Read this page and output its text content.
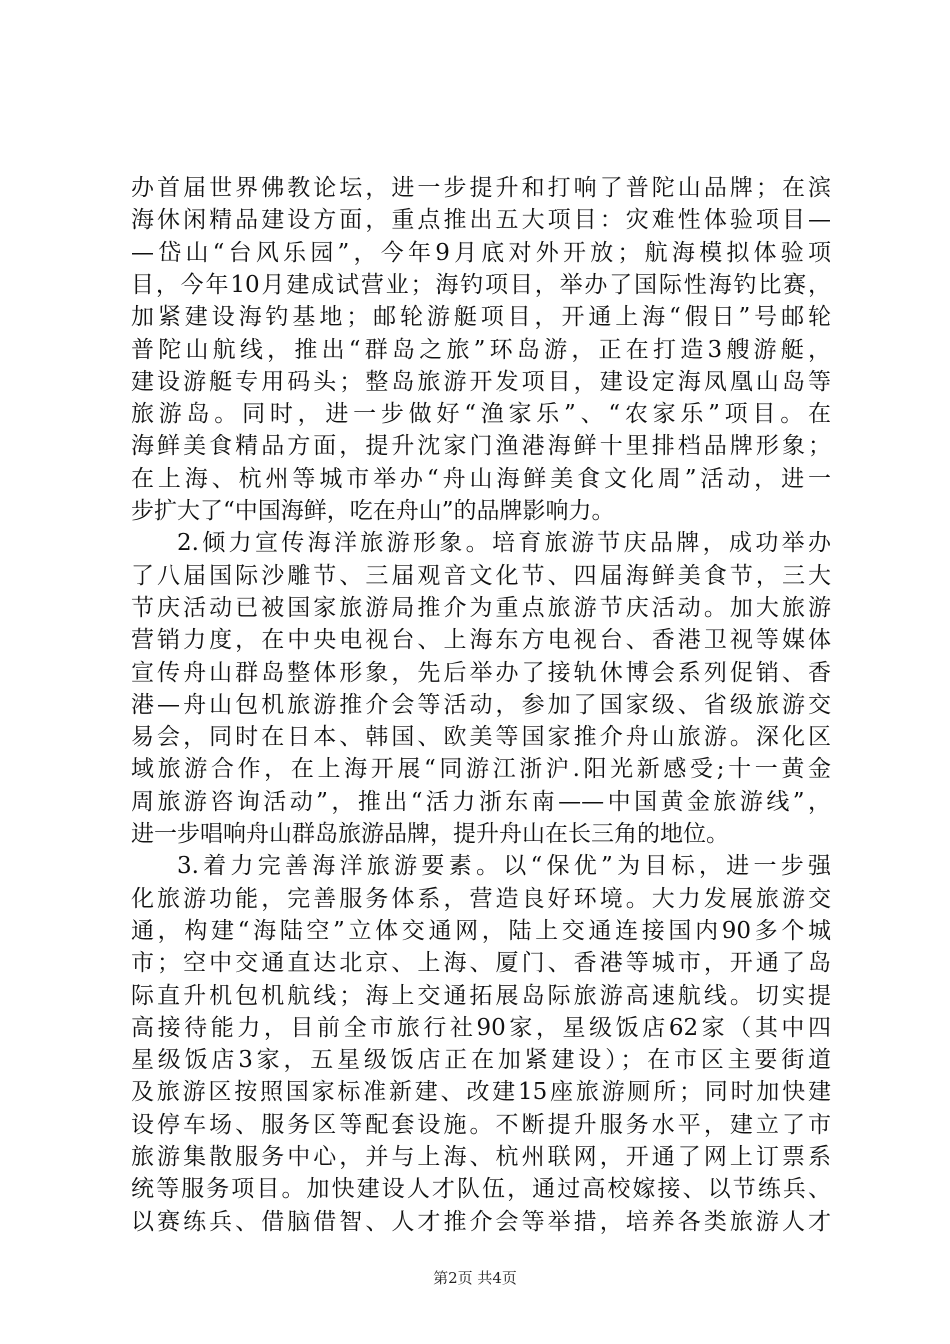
办首届世界佛教论坛，进一步提升和打响了普陀山品牌；在滨
海休闲精品建设方面，重点推出五大项目：灾难性体验项目—
—岱山“台风乐园”，今年9月底对外开放；航海模拟体验项
目，今年10月建成试营业；海钓项目，举办了国际性海钓比赛，
加紧建设海钓基地；邮轮游艇项目，开通上海“假日”号邮轮
普陀山航线，推出“群岛之旅”环岛游，正在打造3艘游艇，
建设游艇专用码头；整岛旅游开发项目，建设定海凤凰山岛等
旅游岛。同时，进一步做好“渔家乐”、“农家乐”项目。在
海鲜美食精品方面，提升沈家门渔港海鲜十里排档品牌形象；
在上海、杭州等城市举办“舟山海鲜美食文化周”活动，进一
步扩大了“中国海鲜，吃在舟山”的品牌影响力。
2.倾力宣传海洋旅游形象。培育旅游节庆品牌，成功举办
了八届国际沙雕节、三届观音文化节、四届海鲜美食节，三大
节庆活动已被国家旅游局推介为重点旅游节庆活动。加大旅游
营销力度，在中央电视台、上海东方电视台、香港卫视等媒体
宣传舟山群岛整体形象，先后举办了接轨休博会系列促销、香
港—舟山包机旅游推介会等活动，参加了国家级、省级旅游交
易会，同时在日本、韩国、欧美等国家推介舟山旅游。深化区
域旅游合作，在上海开展“同游江浙沪.阳光新感受;十一黄金
周旅游咨询活动”，推出“活力浙东南——中国黄金旅游线”，
进一步唱响舟山群岛旅游品牌，提升舟山在长三角的地位。
3.着力完善海洋旅游要素。以“保优”为目标，进一步强
化旅游功能，完善服务体系，营造良好环境。大力发展旅游交
通，构建“海陆空”立体交通网，陆上交通连接国内90多个城
市；空中交通直达北京、上海、厦门、香港等城市，开通了岛
际直升机包机航线；海上交通拓展岛际旅游高速航线。切实提
高接待能力，目前全市旅行社90家，星级饭店62家（其中四
星级饭店3家，五星级饭店正在加紧建设）；在市区主要街道
及旅游区按照国家标准新建、改建15座旅游厕所；同时加快建
设停车场、服务区等配套设施。不断提升服务水平，建立了市
旅游集散服务中心，并与上海、杭州联网，开通了网上订票系
统等服务项目。加快建设人才队伍，通过高校嫁接、以节练兵、
以赛练兵、借脑借智、人才推介会等举措，培养各类旅游人才
第2页 共4页
